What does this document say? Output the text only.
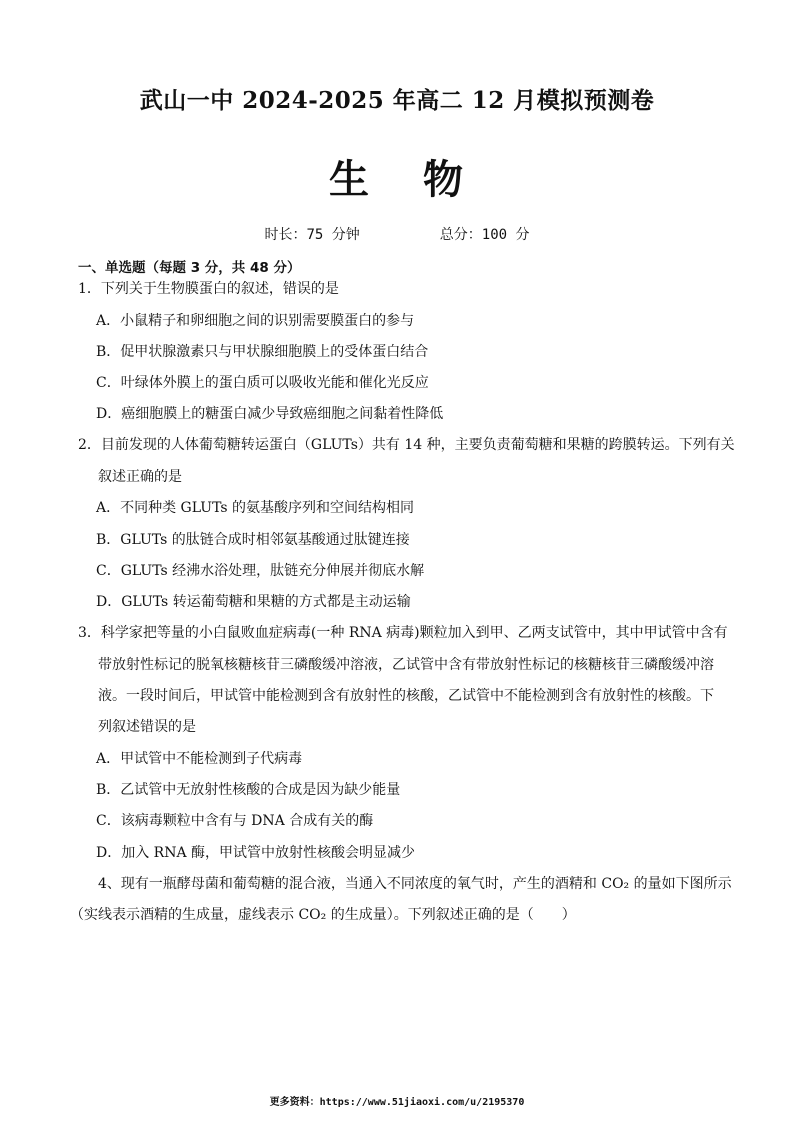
武山一中 2024-2025 年高二 12 月模拟预测卷
生 物
时长：75 分钟	总分：100 分
一、单选题（每题 3 分，共 48 分）
1．下列关于生物膜蛋白的叙述，错误的是
A．小鼠精子和卵细胞之间的识别需要膜蛋白的参与
B．促甲状腺激素只与甲状腺细胞膜上的受体蛋白结合
C．叶绿体外膜上的蛋白质可以吸收光能和催化光反应
D．癌细胞膜上的糖蛋白减少导致癌细胞之间黏着性降低
2．目前发现的人体葡萄糖转运蛋白（GLUTs）共有 14 种，主要负责葡萄糖和果糖的跨膜转运。下列有关
叙述正确的是
A．不同种类 GLUTs 的氨基酸序列和空间结构相同
B．GLUTs 的肽链合成时相邻氨基酸通过肽键连接
C．GLUTs 经沸水浴处理，肽链充分伸展并彻底水解
D．GLUTs 转运葡萄糖和果糖的方式都是主动运输
3．科学家把等量的小白鼠败血症病毒(一种 RNA 病毒)颗粒加入到甲、乙两支试管中，其中甲试管中含有
带放射性标记的脱氧核糖核苷三磷酸缓冲溶液，乙试管中含有带放射性标记的核糖核苷三磷酸缓冲溶
液。一段时间后，甲试管中能检测到含有放射性的核酸，乙试管中不能检测到含有放射性的核酸。下
列叙述错误的是
A．甲试管中不能检测到子代病毒
B．乙试管中无放射性核酸的合成是因为缺少能量
C．该病毒颗粒中含有与 DNA 合成有关的酶
D．加入 RNA 酶，甲试管中放射性核酸会明显减少
4、现有一瓶酵母菌和葡萄糖的混合液，当通入不同浓度的氧气时，产生的酒精和 CO₂ 的量如下图所示
（实线表示酒精的生成量，虚线表示 CO₂ 的生成量）。下列叙述正确的是（　　）
更多资料：https://www.51jiaoxi.com/u/2195370
